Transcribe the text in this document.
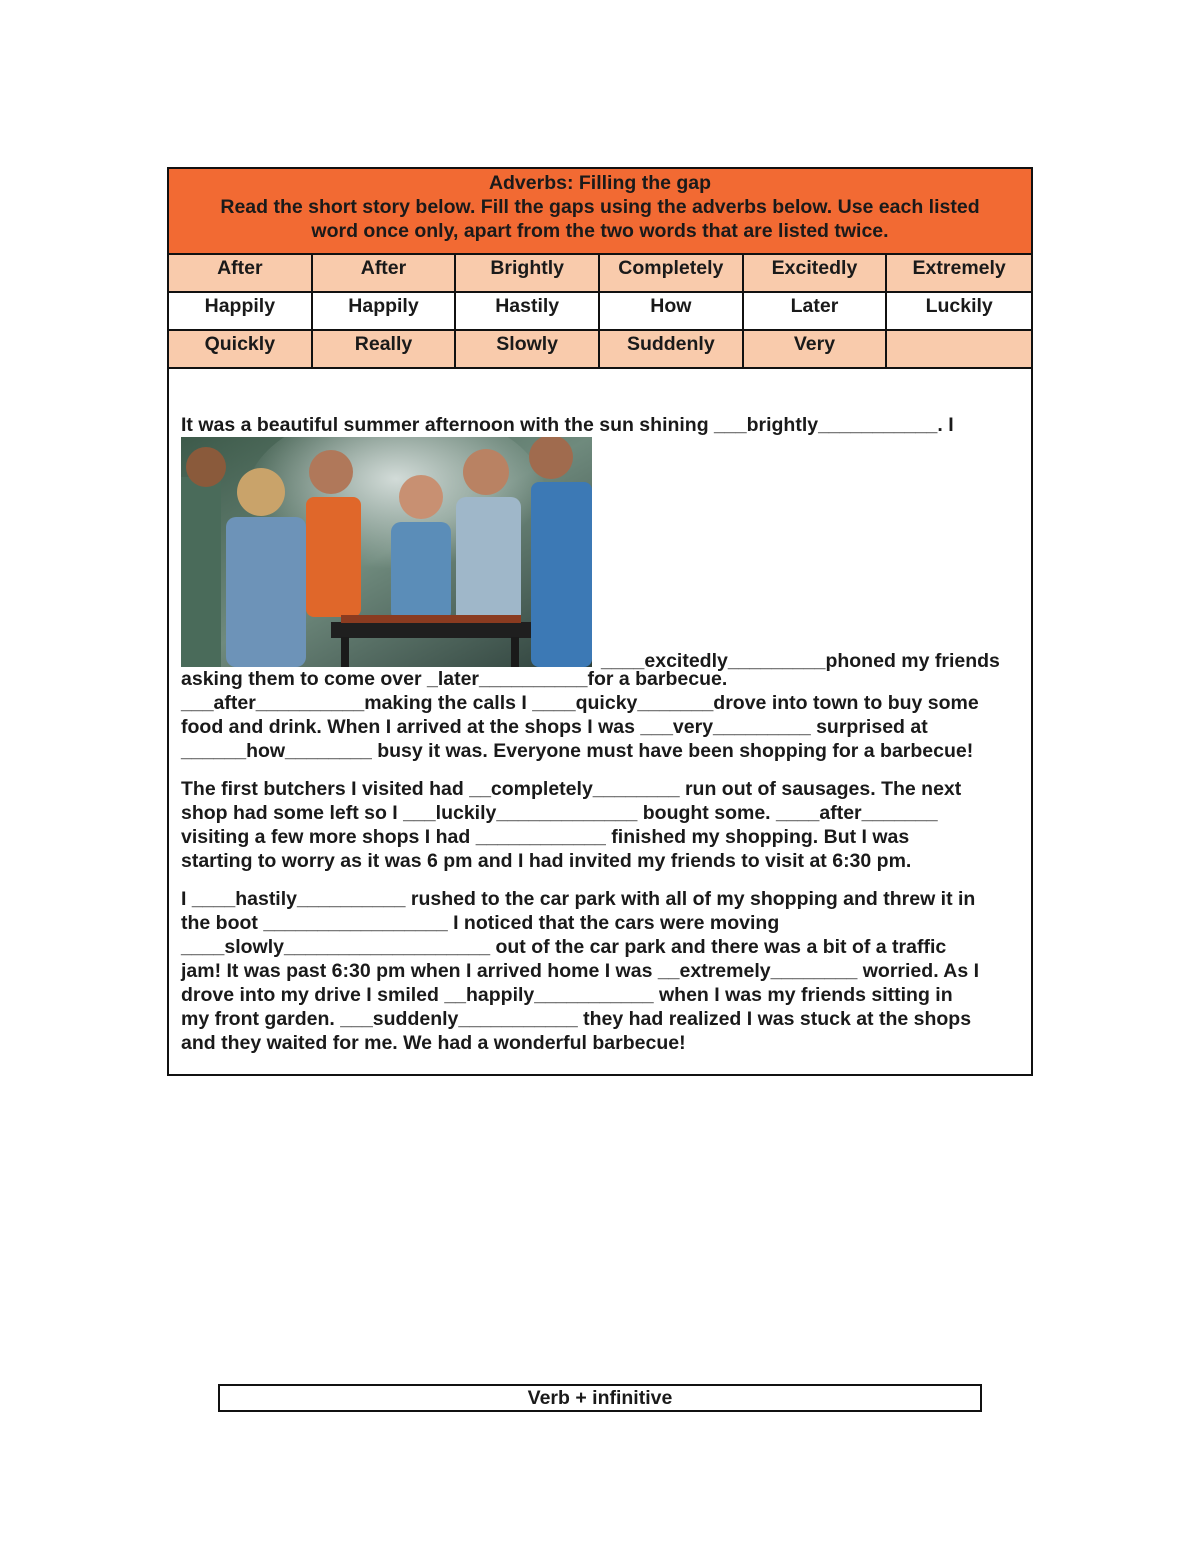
Adverbs: Filling the gap
Read the short story below. Fill the gaps using the adverbs below. Use each listed
word once only, apart from the two words that are listed twice.
After	After	Brightly	Completely	Excitedly	Extremely
Happily	Happily	Hastily	How	Later	Luckily
Quickly	Really	Slowly	Suddenly	Very
It was a beautiful summer afternoon with the sun shining ___brightly___________. I
____excitedly_________phoned my friends
asking them to come over _later__________for a barbecue.
___after__________making the calls I ____quicky_______drove into town to buy some
food and drink. When I arrived at the shops I was ___very_________ surprised at
______how________ busy it was. Everyone must have been shopping for a barbecue!
The first butchers I visited had __completely________ run out of sausages. The next
shop had some left so I ___luckily_____________ bought some. ____after_______
visiting a few more shops I had ____________ finished my shopping. But I was
starting to worry as it was 6 pm and I had invited my friends to visit at 6:30 pm.
I ____hastily__________ rushed to the car park with all of my shopping and threw it in
the boot _________________ I noticed that the cars were moving
____slowly___________________ out of the car park and there was a bit of a traffic
jam! It was past 6:30 pm when I arrived home I was __extremely________ worried. As I
drove into my drive I smiled __happily___________ when I was my friends sitting in
my front garden. ___suddenly___________ they had realized I was stuck at the shops
and they waited for me. We had a wonderful barbecue!
Verb + infinitive
